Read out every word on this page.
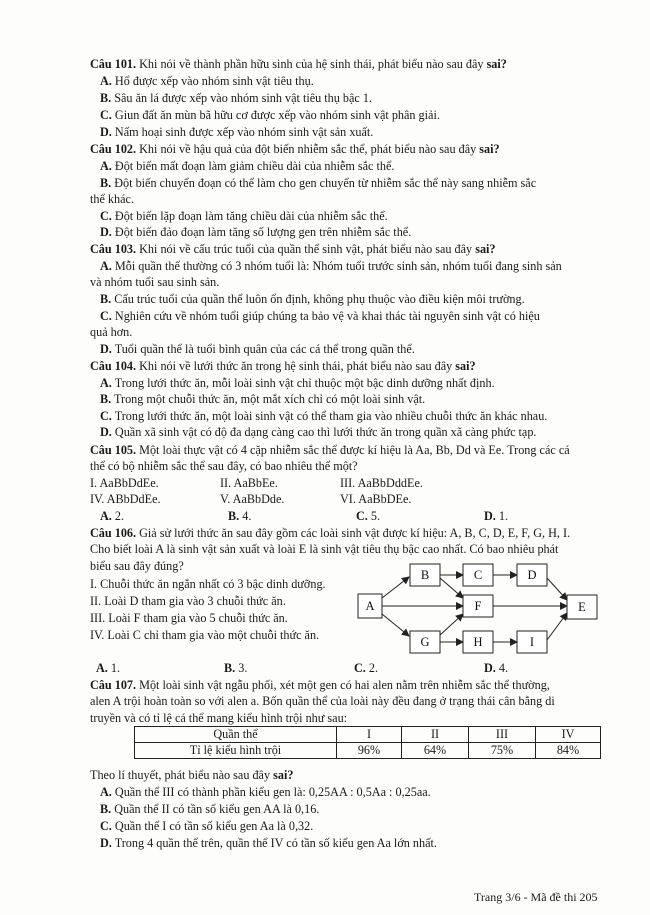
Câu 101. Khi nói về thành phần hữu sinh của hệ sinh thái, phát biểu nào sau đây sai?
A. Hổ được xếp vào nhóm sinh vật tiêu thụ.
B. Sâu ăn lá được xếp vào nhóm sinh vật tiêu thụ bậc 1.
C. Giun đất ăn mùn bã hữu cơ được xếp vào nhóm sinh vật phân giải.
D. Nấm hoại sinh được xếp vào nhóm sinh vật sản xuất.
Câu 102. Khi nói về hậu quả của đột biến nhiễm sắc thể, phát biểu nào sau đây sai?
A. Đột biến mất đoạn làm giảm chiều dài của nhiễm sắc thể.
B. Đột biến chuyển đoạn có thể làm cho gen chuyển từ nhiễm sắc thể này sang nhiễm sắc
thể khác.
C. Đột biến lặp đoạn làm tăng chiều dài của nhiễm sắc thể.
D. Đột biến đảo đoạn làm tăng số lượng gen trên nhiễm sắc thể.
Câu 103. Khi nói về cấu trúc tuổi của quần thể sinh vật, phát biểu nào sau đây sai?
A. Mỗi quần thể thường có 3 nhóm tuổi là: Nhóm tuổi trước sinh sản, nhóm tuổi đang sinh sản
và nhóm tuổi sau sinh sản.
B. Cấu trúc tuổi của quần thể luôn ổn định, không phụ thuộc vào điều kiện môi trường.
C. Nghiên cứu về nhóm tuổi giúp chúng ta bảo vệ và khai thác tài nguyên sinh vật có hiệu
quả hơn.
D. Tuổi quần thể là tuổi bình quân của các cá thể trong quần thể.
Câu 104. Khi nói về lưới thức ăn trong hệ sinh thái, phát biểu nào sau đây sai?
A. Trong lưới thức ăn, mỗi loài sinh vật chỉ thuộc một bậc dinh dưỡng nhất định.
B. Trong một chuỗi thức ăn, một mắt xích chỉ có một loài sinh vật.
C. Trong lưới thức ăn, một loài sinh vật có thể tham gia vào nhiều chuỗi thức ăn khác nhau.
D. Quần xã sinh vật có độ đa dạng càng cao thì lưới thức ăn trong quần xã càng phức tạp.
Câu 105. Một loài thực vật có 4 cặp nhiễm sắc thể được kí hiệu là Aa, Bb, Dd và Ee. Trong các cá
thể có bộ nhiễm sắc thể sau đây, có bao nhiêu thể một?
I. AaBbDdEe.	II. AaBbEe.	III. AaBbDddEe.
IV. ABbDdEe.	V. AaBbDde.	VI. AaBbDEe.
A. 2.	B. 4.	C. 5.	D. 1.
Câu 106. Giả sử lưới thức ăn sau đây gồm các loài sinh vật được kí hiệu: A, B, C, D, E, F, G, H, I.
Cho biết loài A là sinh vật sản xuất và loài E là sinh vật tiêu thụ bậc cao nhất. Có bao nhiêu phát
biểu sau đây đúng?
I. Chuỗi thức ăn ngắn nhất có 3 bậc dinh dưỡng.
II. Loài D tham gia vào 3 chuỗi thức ăn.
III. Loài F tham gia vào 5 chuỗi thức ăn.
IV. Loài C chỉ tham gia vào một chuỗi thức ăn.
A
B	C	D
F	E
G	H	I
A. 1.	B. 3.	C. 2.	D. 4.
Câu 107. Một loài sinh vật ngẫu phối, xét một gen có hai alen nằm trên nhiễm sắc thể thường,
alen A trội hoàn toàn so với alen a. Bốn quần thể của loài này đều đang ở trạng thái cân bằng di
truyền và có tỉ lệ cá thể mang kiểu hình trội như sau:
Quần thể	I	II	III	IV
Tỉ lệ kiểu hình trội	96%	64%	75%	84%
Theo lí thuyết, phát biểu nào sau đây sai?
A. Quần thể III có thành phần kiểu gen là: 0,25AA : 0,5Aa : 0,25aa.
B. Quần thể II có tần số kiểu gen AA là 0,16.
C. Quần thể I có tần số kiểu gen Aa là 0,32.
D. Trong 4 quần thể trên, quần thể IV có tần số kiểu gen Aa lớn nhất.
Trang 3/6 - Mã đề thi 205
